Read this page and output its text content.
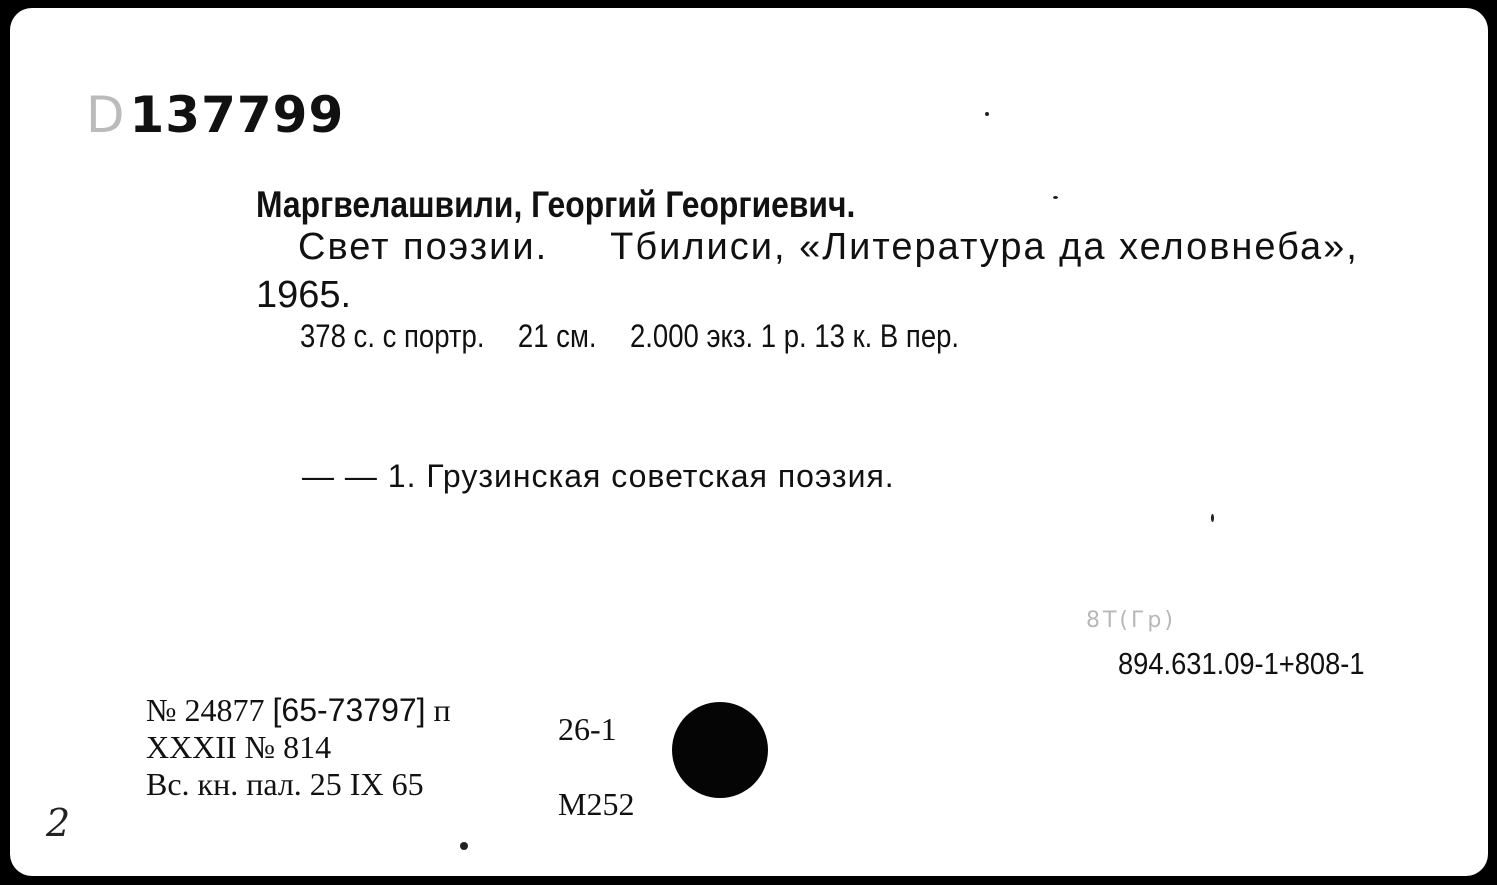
D137799
Маргвелашвили, Георгий Георгиевич.
Свет поэзии. Тбилиси, «Литература да хеловнеба»,
1965.
378 с. с портр. 21 см. 2.000 экз. 1 р. 13 к. В пер.
— — 1. Грузинская советская поэзия.
8Т(Гр)
894.631.09-1+808-1
№ 24877 [65-73797] п
XXXII № 814
Вс. кн. пал. 25 IX 65
26-1
М252
2
